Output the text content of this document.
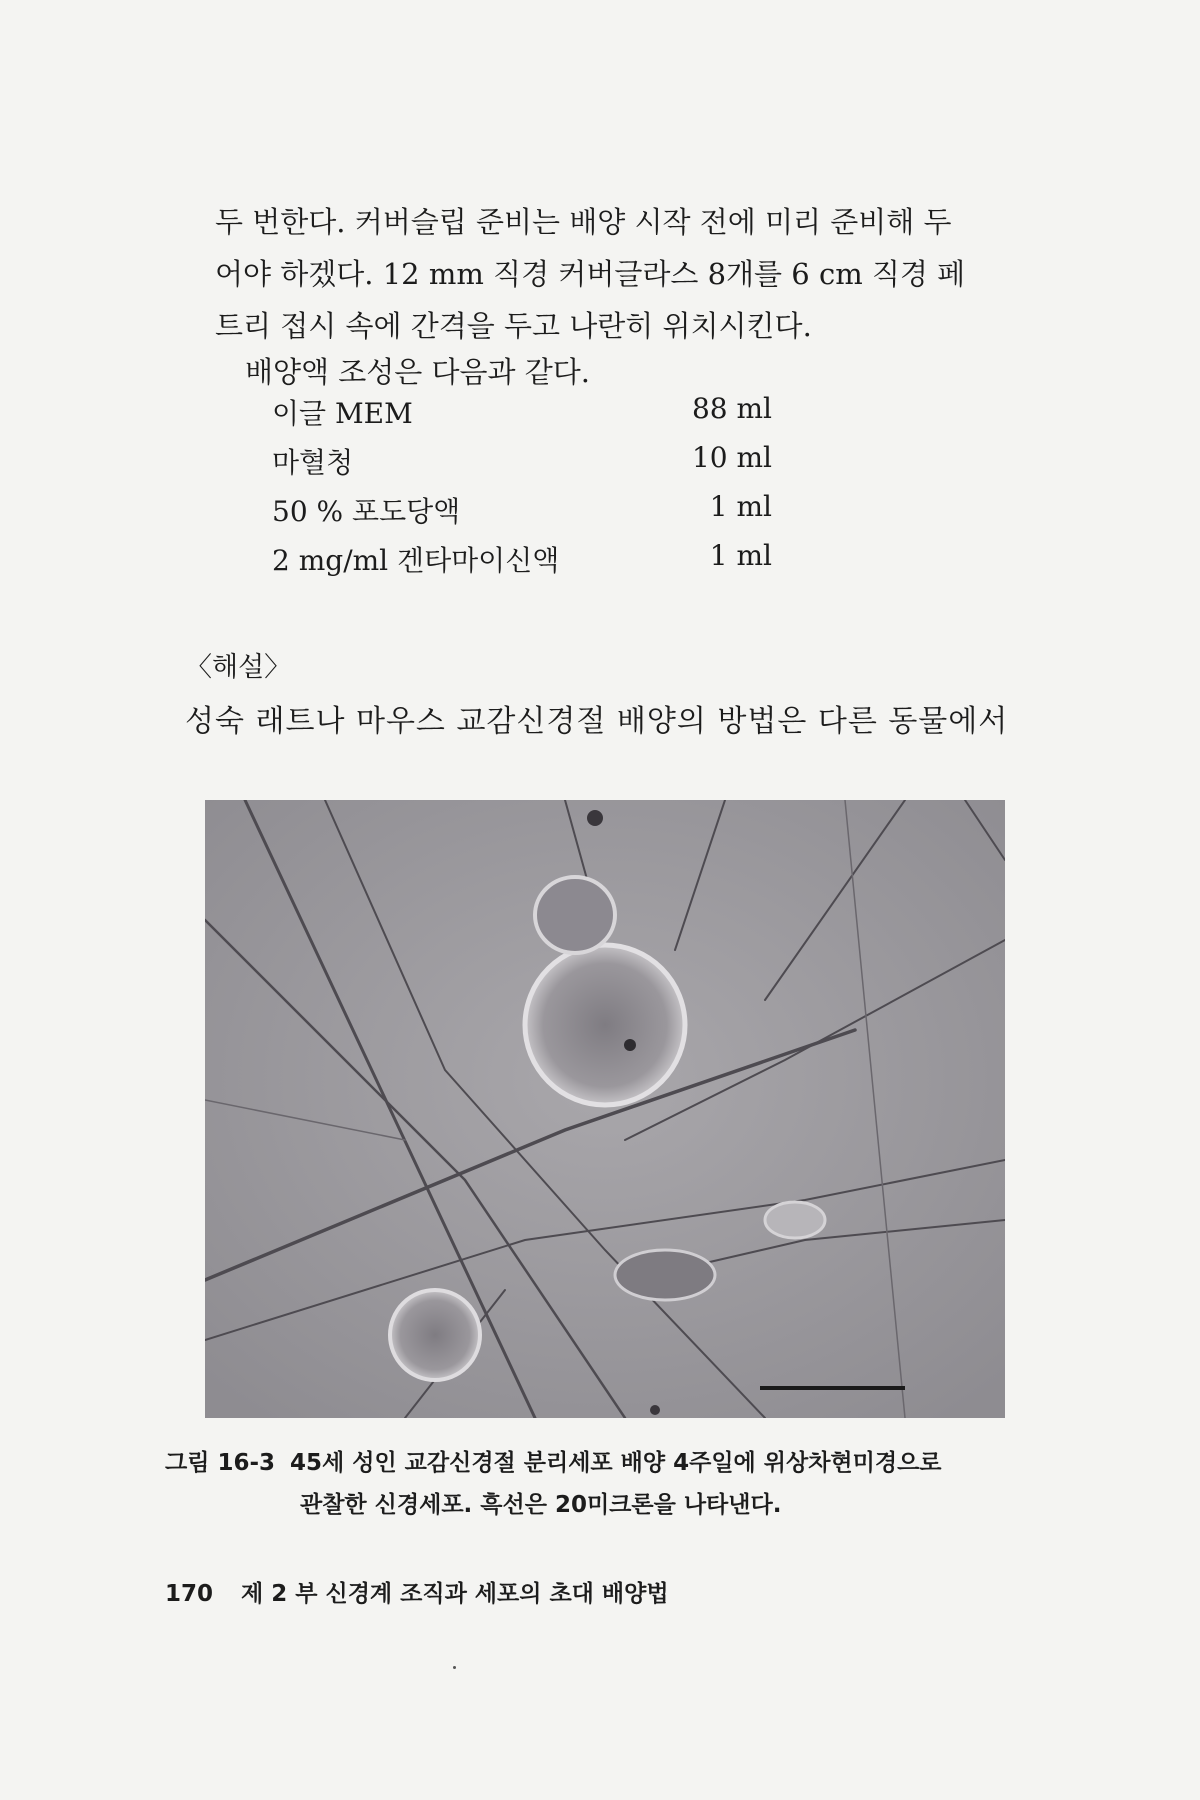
두 번한다. 커버슬립 준비는 배양 시작 전에 미리 준비해 두
어야 하겠다. 12 mm 직경 커버글라스 8개를 6 cm 직경 페
트리 접시 속에 간격을 두고 나란히 위치시킨다.

배양액 조성은 다음과 같다.

이글 MEM	88 ml
마혈청	10 ml
50 % 포도당액	1 ml
2 mg/ml 겐타마이신액	1 ml

〈해설〉

성숙 래트나 마우스 교감신경절 배양의 방법은 다른 동물에서

그림 16-3 45세 성인 교감신경절 분리세포 배양 4주일에 위상차현미경으로
관찰한 신경세포. 흑선은 20미크론을 나타낸다.

170 제 2 부 신경계 조직과 세포의 초대 배양법
